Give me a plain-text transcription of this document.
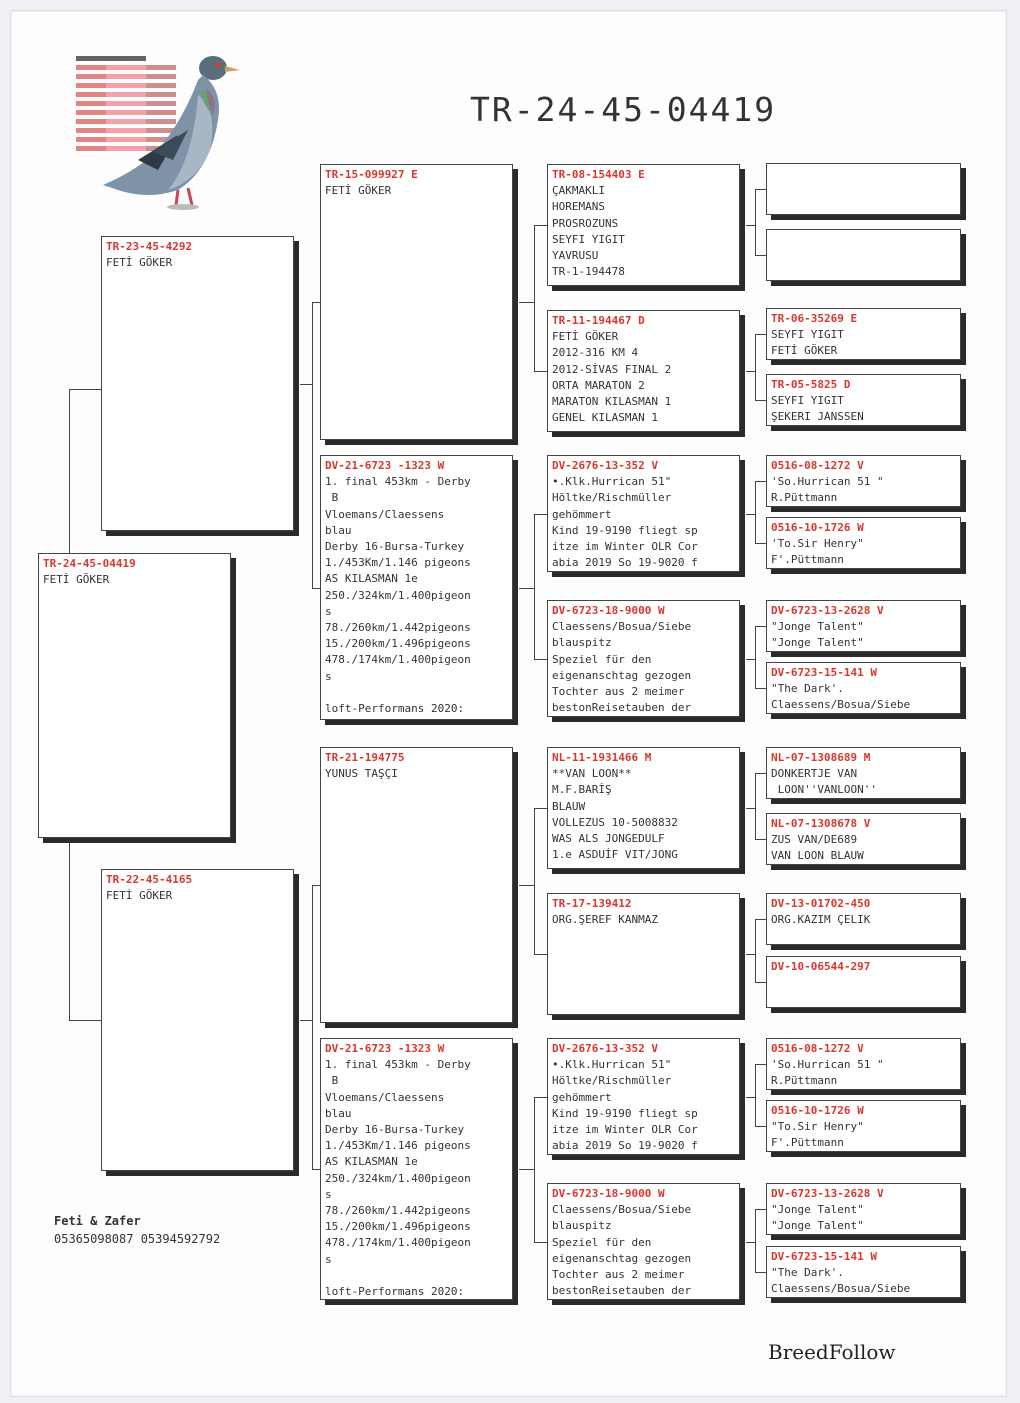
TR-24-45-04419
TR-24-45-04419
FETİ GÖKER
TR-23-45-4292
FETİ GÖKER
TR-22-45-4165
FETİ GÖKER
TR-15-099927 E
FETİ GÖKER
DV-21-6723 -1323 W
1. final 453km - Derby
B
Vloemans/Claessens
blau
Derby 16-Bursa-Turkey
1./453Km/1.146 pigeons
AS KILASMAN 1e
250./324km/1.400pigeon
s
78./260km/1.442pigeons
15./200km/1.496pigeons
478./174km/1.400pigeon
s

loft-Performans 2020:
TR-21-194775
YUNUS TAŞÇI
DV-21-6723 -1323 W
1. final 453km - Derby
B
Vloemans/Claessens
blau
Derby 16-Bursa-Turkey
1./453Km/1.146 pigeons
AS KILASMAN 1e
250./324km/1.400pigeon
s
78./260km/1.442pigeons
15./200km/1.496pigeons
478./174km/1.400pigeon
s

loft-Performans 2020:
TR-08-154403 E
ÇAKMAKLI
HOREMANS
PROSROZUNS
SEYFI YIGIT
YAVRUSU
TR-1-194478
TR-11-194467 D
FETİ GÖKER
2012-316 KM 4
2012-SİVAS FINAL 2
ORTA MARATON 2
MARATON KILASMAN 1
GENEL KILASMAN 1
DV-2676-13-352 V
•.Klk.Hurrican 51"
Höltke/Rischmüller
gehömmert
Kind 19-9190 fliegt sp
itze im Winter OLR Cor
abia 2019 So 19-9020 f
DV-6723-18-9000 W
Claessens/Bosua/Siebe
blauspitz
Speziel für den
eigenanschtag gezogen
Tochter aus 2 meimer
bestonReisetauben der
NL-11-1931466 M
**VAN LOON**
M.F.BARİŞ
BLAUW
VOLLEZUS 10-5008832
WAS ALS JONGEDULF
1.e ASDUİF VIT/JONG
TR-17-139412
ORG.ŞEREF KANMAZ
DV-2676-13-352 V
•.Klk.Hurrican 51"
Höltke/Rischmüller
gehömmert
Kind 19-9190 fliegt sp
itze im Winter OLR Cor
abia 2019 So 19-9020 f
DV-6723-18-9000 W
Claessens/Bosua/Siebe
blauspitz
Speziel für den
eigenanschtag gezogen
Tochter aus 2 meimer
bestonReisetauben der

TR-06-35269 E
SEYFI YIGIT
FETİ GÖKER
TR-05-5825 D
SEYFI YIGIT
ŞEKERI JANSSEN
0516-08-1272 V
'So.Hurrican 51 "
R.Püttmann
0516-10-1726 W
'To.Sir Henry"
F'.Püttmann
DV-6723-13-2628 V
"Jonge Talent"
"Jonge Talent"
DV-6723-15-141 W
"The Dark'.
Claessens/Bosua/Siebe
NL-07-1308689 M
DONKERTJE VAN
LOON''VANLOON''
NL-07-1308678 V
ZUS VAN/DE689
VAN LOON BLAUW
DV-13-01702-450
ORG.KAZIM ÇELIK
DV-10-06544-297
0516-08-1272 V
'So.Hurrican 51 "
R.Püttmann
0516-10-1726 W
"To.Sir Henry"
F'.Püttmann
DV-6723-13-2628 V
"Jonge Talent"
"Jonge Talent"
DV-6723-15-141 W
"The Dark'.
Claessens/Bosua/Siebe
Feti & Zafer
05365098087 05394592792
BreedFollow
